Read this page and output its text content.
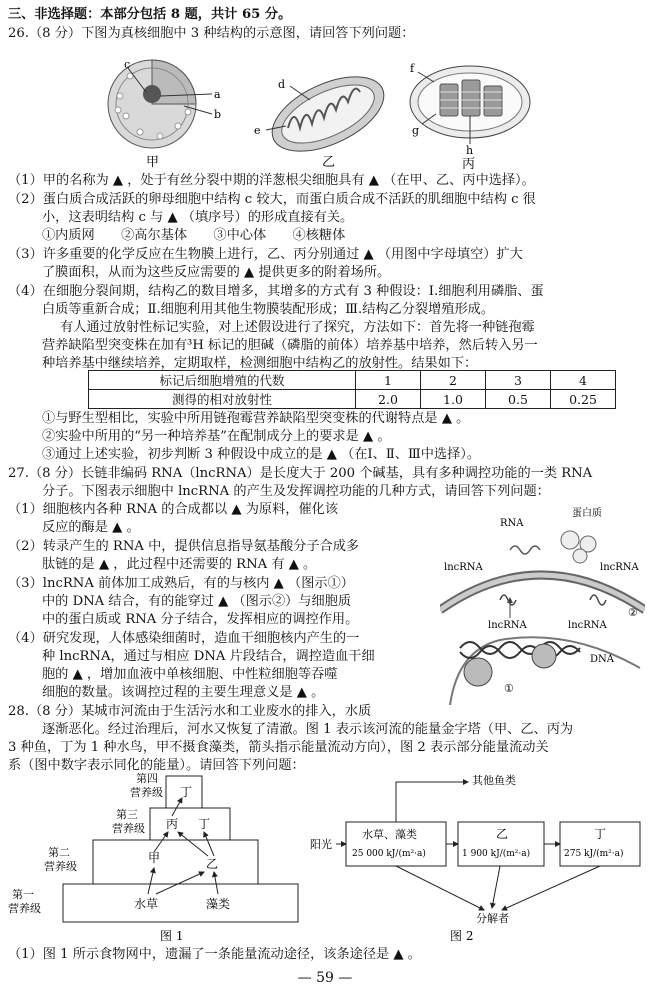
三、非选择题：本部分包括 8 题，共计 65 分。
26.（8 分）下图为真核细胞中 3 种结构的示意图，请回答下列问题：
c
a
b
甲
d
e
乙
f
g
h
丙
（1）甲的名称为 ▲ ，处于有丝分裂中期的洋葱根尖细胞具有 ▲ （在甲、乙、丙中选择）。
（2）蛋白质合成活跃的卵母细胞中结构 c 较大，而蛋白质合成不活跃的肌细胞中结构 c 很
小，这表明结构 c 与 ▲ （填序号）的形成直接有关。
①内质网　　②高尔基体　　③中心体　　④核糖体
（3）许多重要的化学反应在生物膜上进行，乙、丙分别通过 ▲ （用图中字母填空）扩大
了膜面积，从而为这些反应需要的 ▲ 提供更多的附着场所。
（4）在细胞分裂间期，结构乙的数目增多，其增多的方式有 3 种假设：Ⅰ.细胞利用磷脂、蛋
白质等重新合成；Ⅱ.细胞利用其他生物膜装配形成；Ⅲ.结构乙分裂增殖形成。
有人通过放射性标记实验，对上述假设进行了探究，方法如下：首先将一种链孢霉
营养缺陷型突变株在加有³H 标记的胆碱（磷脂的前体）培养基中培养，然后转入另一
种培养基中继续培养，定期取样，检测细胞中结构乙的放射性。结果如下：
标记后细胞增殖的代数	1	2	3	4
测得的相对放射性	2.0	1.0	0.5	0.25
①与野生型相比，实验中所用链孢霉营养缺陷型突变株的代谢特点是 ▲ 。
②实验中所用的“另一种培养基”在配制成分上的要求是 ▲ 。
③通过上述实验，初步判断 3 种假设中成立的是 ▲ （在Ⅰ、Ⅱ、Ⅲ中选择）。
27.（8 分）长链非编码 RNA（lncRNA）是长度大于 200 个碱基，具有多种调控功能的一类 RNA
分子。下图表示细胞中 lncRNA 的产生及发挥调控功能的几种方式，请回答下列问题：
（1）细胞核内各种 RNA 的合成都以 ▲ 为原料，催化该
反应的酶是 ▲ 。
（2）转录产生的 RNA 中，提供信息指导氨基酸分子合成多
肽链的是 ▲ ，此过程中还需要的 RNA 有 ▲ 。
（3）lncRNA 前体加工成熟后，有的与核内 ▲ （图示①）
中的 DNA 结合，有的能穿过 ▲ （图示②）与细胞质
中的蛋白质或 RNA 分子结合，发挥相应的调控作用。
（4）研究发现，人体感染细菌时，造血干细胞核内产生的一
种 lncRNA，通过与相应 DNA 片段结合，调控造血干细
胞的 ▲ ，增加血液中单核细胞、中性粒细胞等吞噬
细胞的数量。该调控过程的主要生理意义是 ▲ 。
RNA
蛋白质
lncRNA	lncRNA
lncRNA	lncRNA
DNA
①
②
28.（8 分）某城市河流由于生活污水和工业废水的排入，水质
逐渐恶化。经过治理后，河水又恢复了清澈。图 1 表示该河流的能量金字塔（甲、乙、丙为
3 种鱼，丁为 1 种水鸟，甲不摄食藻类，箭头指示能量流动方向），图 2 表示部分能量流动关
系（图中数字表示同化的能量）。请回答下列问题：
第一
营养级
第二
营养级
第三
营养级
第四
营养级
水草	藻类
甲	乙
丙 丁
丁
图 1
阳光
水草、藻类
25 000 kJ/(m²·a)
乙
1 900 kJ/(m²·a)
丁
275 kJ/(m²·a)
其他鱼类
分解者
图 2
（1）图 1 所示食物网中，遗漏了一条能量流动途径，该条途径是 ▲ 。
— 59 —
